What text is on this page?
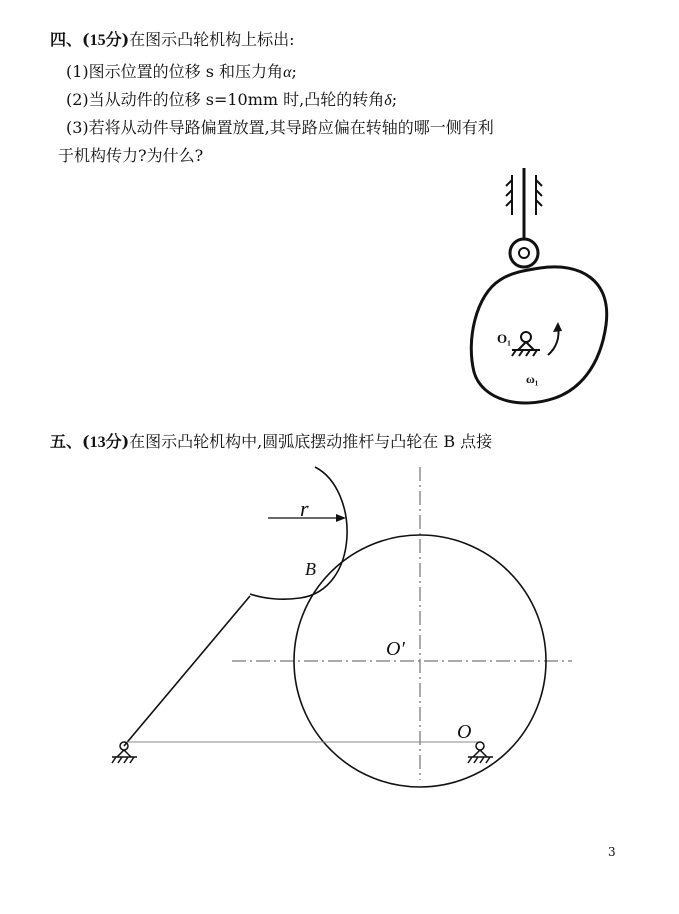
四、(15分)在图示凸轮机构上标出:
(1)图示位置的位移 s 和压力角α;
(2)当从动件的位移 s=10mm 时,凸轮的转角δ;
(3)若将从动件导路偏置放置,其导路应偏在转轴的哪一侧有利
于机构传力?为什么?
O₁
ω₁
五、(13分)在图示凸轮机构中,圆弧底摆动推杆与凸轮在 B 点接
r
B
O′
O
3
